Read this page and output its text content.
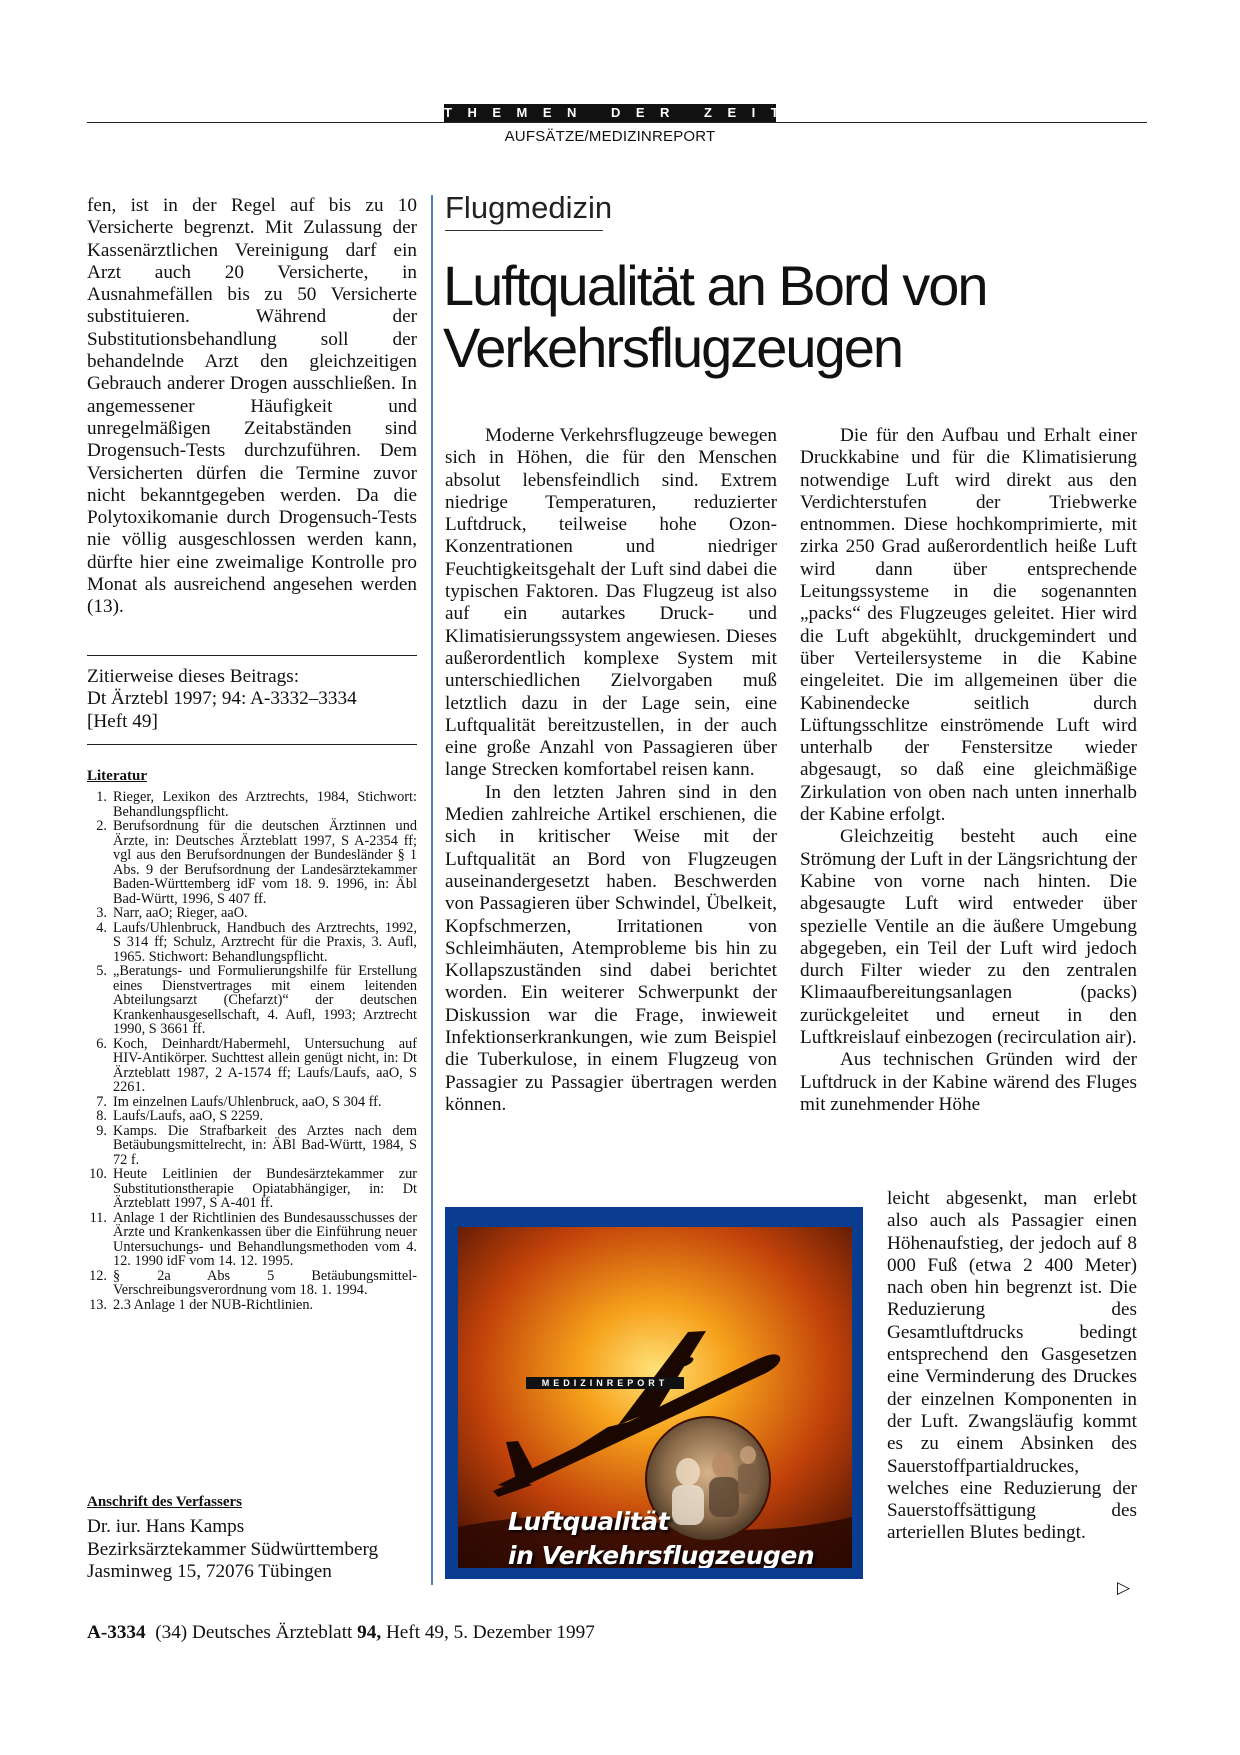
THEMEN DER ZEIT
AUFSÄTZE/MEDIZINREPORT

fen, ist in der Regel auf bis zu 10 Versicherte begrenzt. Mit Zulassung der Kassenärztlichen Vereinigung darf ein Arzt auch 20 Versicherte, in Ausnahmefällen bis zu 50 Versicherte substituieren. Während der Substitutionsbehandlung soll der behandelnde Arzt den gleichzeitigen Gebrauch anderer Drogen ausschließen. In angemessener Häufigkeit und unregelmäßigen Zeitabständen sind Drogensuch-Tests durchzuführen. Dem Versicherten dürfen die Termine zuvor nicht bekanntgegeben werden. Da die Polytoxikomanie durch Drogensuch-Tests nie völlig ausgeschlossen werden kann, dürfte hier eine zweimalige Kontrolle pro Monat als ausreichend angesehen werden (13).

Zitierweise dieses Beitrags:
Dt Ärztebl 1997; 94: A-3332–3334
[Heft 49]
Literatur
1. Rieger, Lexikon des Arztrechts, 1984, Stichwort: Behandlungspflicht.
2. Berufsordnung für die deutschen Ärztinnen und Ärzte, in: Deutsches Ärzteblatt 1997, S A-2354 ff; vgl aus den Berufsordnungen der Bundesländer § 1 Abs. 9 der Berufsordnung der Landesärztekammer Baden-Württemberg idF vom 18. 9. 1996, in: Äbl Bad-Württ, 1996, S 407 ff.
3. Narr, aaO; Rieger, aaO.
4. Laufs/Uhlenbruck, Handbuch des Arztrechts, 1992, S 314 ff; Schulz, Arztrecht für die Praxis, 3. Aufl, 1965. Stichwort: Behandlungspflicht.
5. „Beratungs- und Formulierungshilfe für Erstellung eines Dienstvertrages mit einem leitenden Abteilungsarzt (Chefarzt)“ der deutschen Krankenhausgesellschaft, 4. Aufl, 1993; Arztrecht 1990, S 3661 ff.
6. Koch, Deinhardt/Habermehl, Untersuchung auf HIV-Antikörper. Suchttest allein genügt nicht, in: Dt Ärzteblatt 1987, 2 A-1574 ff; Laufs/Laufs, aaO, S 2261.
7. Im einzelnen Laufs/Uhlenbruck, aaO, S 304 ff.
8. Laufs/Laufs, aaO, S 2259.
9. Kamps. Die Strafbarkeit des Arztes nach dem Betäubungsmittelrecht, in: ÄBl Bad-Württ, 1984, S 72 f.
10. Heute Leitlinien der Bundesärztekammer zur Substitutionstherapie Opiatabhängiger, in: Dt Ärzteblatt 1997, S A-401 ff.
11. Anlage 1 der Richtlinien des Bundesausschusses der Ärzte und Krankenkassen über die Einführung neuer Untersuchungs- und Behandlungsmethoden vom 4. 12. 1990 idF vom 14. 12. 1995.
12. § 2a Abs 5 Betäubungsmittel-Verschreibungsverordnung vom 18. 1. 1994.
13. 2.3 Anlage 1 der NUB-Richtlinien.
Anschrift des Verfassers
Dr. iur. Hans Kamps
Bezirksärztekammer Südwürttemberg
Jasminweg 15, 72076 Tübingen
Flugmedizin
Luftqualität an Bord von
Verkehrsflugzeugen

Moderne Verkehrsflugzeuge bewegen sich in Höhen, die für den Menschen absolut lebensfeindlich sind. Extrem niedrige Temperaturen, reduzierter Luftdruck, teilweise hohe Ozon-Konzentrationen und niedriger Feuchtigkeitsgehalt der Luft sind dabei die typischen Faktoren. Das Flugzeug ist also auf ein autarkes Druck- und Klimatisierungssystem angewiesen. Dieses außerordentlich komplexe System mit unterschiedlichen Zielvorgaben muß letztlich dazu in der Lage sein, eine Luftqualität bereitzustellen, in der auch eine große Anzahl von Passagieren über lange Strecken komfortabel reisen kann.

In den letzten Jahren sind in den Medien zahlreiche Artikel erschienen, die sich in kritischer Weise mit der Luftqualität an Bord von Flugzeugen auseinandergesetzt haben. Beschwerden von Passagieren über Schwindel, Übelkeit, Kopfschmerzen, Irritationen von Schleimhäuten, Atemprobleme bis hin zu Kollapszuständen sind dabei berichtet worden. Ein weiterer Schwerpunkt der Diskussion war die Frage, inwieweit Infektionserkrankungen, wie zum Beispiel die Tuberkulose, in einem Flugzeug von Passagier zu Passagier übertragen werden können.

Die für den Aufbau und Erhalt einer Druckkabine und für die Klimatisierung notwendige Luft wird direkt aus den Verdichterstufen der Triebwerke entnommen. Diese hochkomprimierte, mit zirka 250 Grad außerordentlich heiße Luft wird dann über entsprechende Leitungssysteme in die sogenannten „packs“ des Flugzeuges geleitet. Hier wird die Luft abgekühlt, druckgemindert und über Verteilersysteme in die Kabine eingeleitet. Die im allgemeinen über die Kabinendecke seitlich durch Lüftungsschlitze einströmende Luft wird unterhalb der Fenstersitze wieder abgesaugt, so daß eine gleichmäßige Zirkulation von oben nach unten innerhalb der Kabine erfolgt.

Gleichzeitig besteht auch eine Strömung der Luft in der Längsrichtung der Kabine von vorne nach hinten. Die abgesaugte Luft wird entweder über spezielle Ventile an die äußere Umgebung abgegeben, ein Teil der Luft wird jedoch durch Filter wieder zu den zentralen Klimaaufbereitungsanlagen (packs) zurückgeleitet und erneut in den Luftkreislauf einbezogen (recirculation air).

Aus technischen Gründen wird der Luftdruck in der Kabine wärend des Fluges mit zunehmender Höhe

leicht abgesenkt, man erlebt also auch als Passagier einen Höhenaufstieg, der jedoch auf 8 000 Fuß (etwa 2 400 Meter) nach oben hin begrenzt ist. Die Reduzierung des Gesamtluftdrucks bedingt entsprechend den Gasgesetzen eine Verminderung des Druckes der einzelnen Komponenten in der Luft. Zwangsläufig kommt es zu einem Absinken des Sauerstoffpartialdruckes, welches eine Reduzierung der Sauerstoffsättigung des arteriellen Blutes bedingt.

▷
MEDIZINREPORT
Luftqualität
in Verkehrsflugzeugen
A-3334 (34) Deutsches Ärzteblatt 94, Heft 49, 5. Dezember 1997
